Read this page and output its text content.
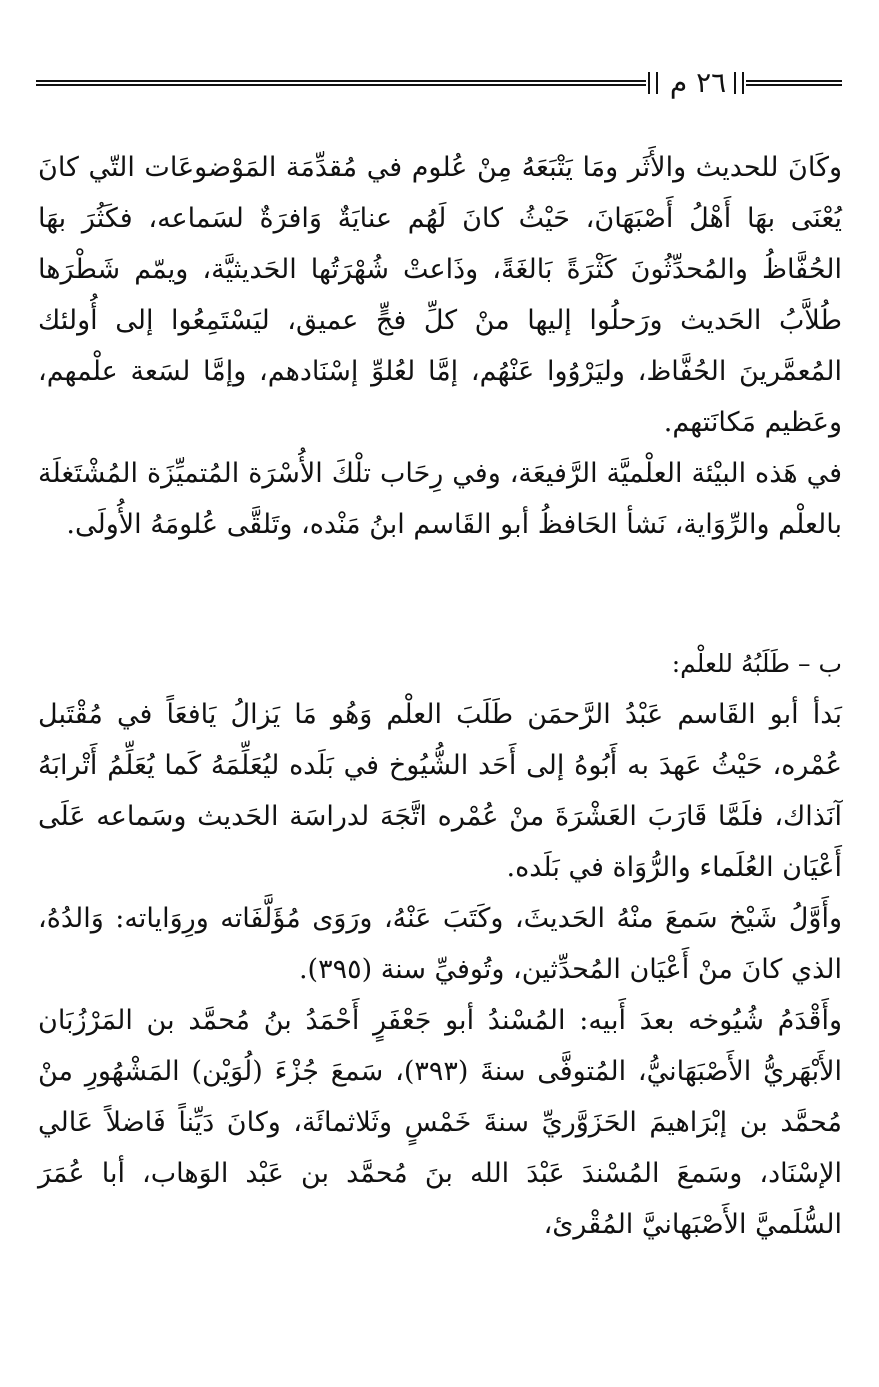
٢٦ م

وكَانَ للحديث والأَثَر ومَا يَتْبَعَهُ مِنْ عُلوم في مُقدِّمَة المَوْضوعَات التّي كانَ يُعْنَى بهَا أَهْلُ أَصْبَهَانَ، حَيْثُ كانَ لَهُم عنايَةٌ وَافرَةٌ لسَماعه، فكَثُرَ بهَا الحُفَّاظُ والمُحدِّثُونَ كَثْرَةً بَالغَةً، وذَاعتْ شُهْرَتُها الحَديثيَّة، ويمّم شَطْرَها طُلاَّبُ الحَديث ورَحلُوا إليها منْ كلِّ فجٍّ عميق، ليَسْتَمِعُوا إلى أُولئك المُعمَّرينَ الحُفَّاظ، وليَرْوُوا عَنْهُم، إمَّا لعُلوِّ إسْنَادهم، وإمَّا لسَعة علْمهم، وعَظيم مَكانَتهم.

في هَذه البيْئة العلْميَّة الرَّفيعَة، وفي رِحَاب تلْكَ الأُسْرَة المُتميِّزَة المُشْتَغلَة بالعلْم والرِّوَاية، نَشأ الحَافظُ أبو القَاسم ابنُ مَنْده، وتَلقَّى عُلومَهُ الأُولَى.

ب – طَلَبُهُ للعلْم:

بَدأ أبو القَاسم عَبْدُ الرَّحمَن طَلَبَ العلْم وَهُو مَا يَزالُ يَافعَاً في مُقْتَبل عُمْره، حَيْثُ عَهدَ به أَبُوهُ إلى أَحَد الشُّيُوخ في بَلَده ليُعَلِّمَهُ كَما يُعَلِّمُ أَتْرابَهُ آنَذاك، فلَمَّا قَارَبَ العَشْرَةَ منْ عُمْره اتَّجَهَ لدراسَة الحَديث وسَماعه عَلَى أَعْيَان العُلَماء والرُّوَاة في بَلَده.

وأَوَّلُ شَيْخ سَمعَ منْهُ الحَديثَ، وكَتَبَ عَنْهُ، ورَوَى مُؤَلَّفَاته ورِوَاياته: وَالدُهُ، الذي كانَ منْ أَعْيَان المُحدِّثين، وتُوفيِّ سنة (٣٩٥).

وأَقْدَمُ شُيُوخه بعدَ أَبيه: المُسْندُ أبو جَعْفَرٍ أَحْمَدُ بنُ مُحمَّد بن المَرْزُبَان الأَبْهَريُّ الأَصْبَهَانيُّ، المُتوفَّى سنةَ (٣٩٣)، سَمعَ جُزْءَ (لُوَيْن) المَشْهُورِ منْ مُحمَّد بن إبْرَاهيمَ الحَزَوَّريِّ سنةَ خَمْسٍ وثَلاثمائَة، وكانَ دَيِّناً فَاضلاً عَالي الإسْنَاد، وسَمعَ المُسْندَ عَبْدَ الله بنَ مُحمَّد بن عَبْد الوَهاب، أبا عُمَرَ السُّلَميَّ الأَصْبَهانيَّ المُقْرئ،
